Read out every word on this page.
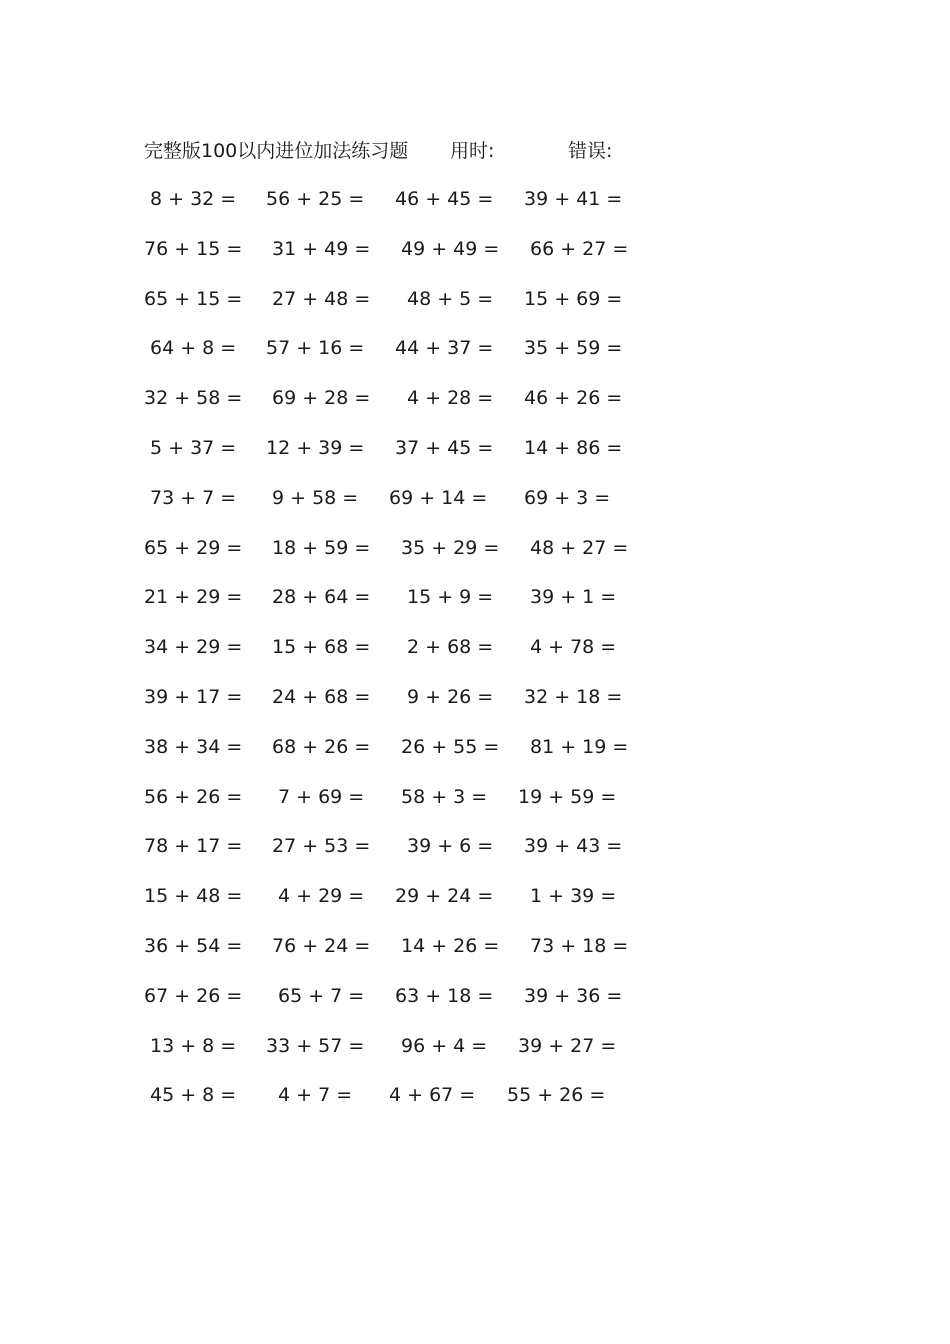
完整版100以内进位加法练习题 用时:	错误:
8 + 32 = 56 + 25 = 46 + 45 = 39 + 41 =
76 + 15 = 31 + 49 = 49 + 49 = 66 + 27 =
65 + 15 = 27 + 48 = 48 + 5 = 15 + 69 =
64 + 8 = 57 + 16 = 44 + 37 = 35 + 59 =
32 + 58 = 69 + 28 = 4 + 28 = 46 + 26 =
5 + 37 = 12 + 39 = 37 + 45 = 14 + 86 =
73 + 7 = 9 + 58 = 69 + 14 = 69 + 3 =
65 + 29 = 18 + 59 = 35 + 29 = 48 + 27 =
21 + 29 = 28 + 64 = 15 + 9 = 39 + 1 =
34 + 29 = 15 + 68 = 2 + 68 = 4 + 78 =
39 + 17 = 24 + 68 = 9 + 26 = 32 + 18 =
38 + 34 = 68 + 26 = 26 + 55 = 81 + 19 =
56 + 26 = 7 + 69 = 58 + 3 = 19 + 59 =
78 + 17 = 27 + 53 = 39 + 6 = 39 + 43 =
15 + 48 = 4 + 29 = 29 + 24 = 1 + 39 =
36 + 54 = 76 + 24 = 14 + 26 = 73 + 18 =
67 + 26 = 65 + 7 = 63 + 18 = 39 + 36 =
13 + 8 = 33 + 57 = 96 + 4 = 39 + 27 =
45 + 8 = 4 + 7 = 4 + 67 = 55 + 26 =
